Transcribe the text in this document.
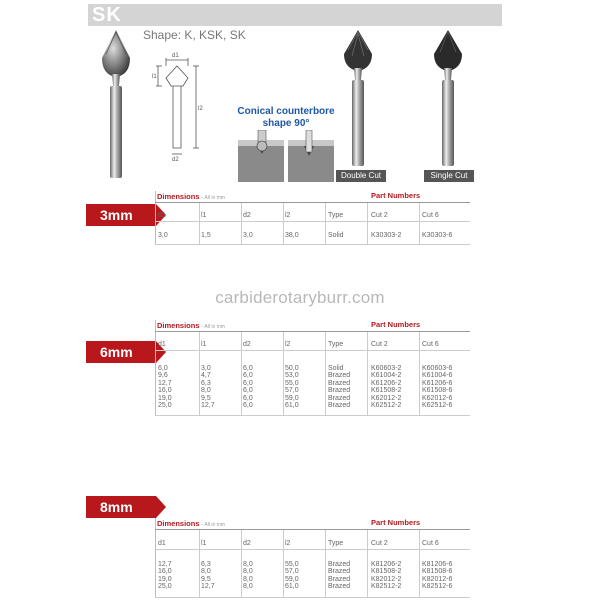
SK
Shape: K, KSK, SK
d1
l1
l2
d2
Conical counterbore
shape 90°
Double Cut	Single Cut
carbiderotaryburr.com
3mm
6mm
8mm
Dimensions - All in mm	Part Numbers
d1	l1	d2	l2	Type	Cut 2	Cut 6
3,0	1,5	3,0	38,0	Solid	K30303-2	K30303-6
Dimensions - All in mm	Part Numbers
d1	l1	d2	l2	Type	Cut 2	Cut 6
6,0	3,0	6,0	50,0	Solid	K60603-2	K60603-6
9,6	4,7	6,0	53,0	Brazed	K61004-2	K61004-6
12,7	6,3	6,0	55,0	Brazed	K61206-2	K61206-6
16,0	8,0	6,0	57,0	Brazed	K61508-2	K61508-6
19,0	9,5	6,0	59,0	Brazed	K62012-2	K62012-6
25,0	12,7	6,0	61,0	Brazed	K62512-2	K62512-6
Dimensions - All in mm	Part Numbers
d1	l1	d2	l2	Type	Cut 2	Cut 6
12,7	6,3	8,0	55,0	Brazed	K81206-2	K81206-6
16,0	8,0	8,0	57,0	Brazed	K81508-2	K81508-6
19,0	9,5	8,0	59,0	Brazed	K82012-2	K82012-6
25,0	12,7	8,0	61,0	Brazed	K82512-2	K82512-6
